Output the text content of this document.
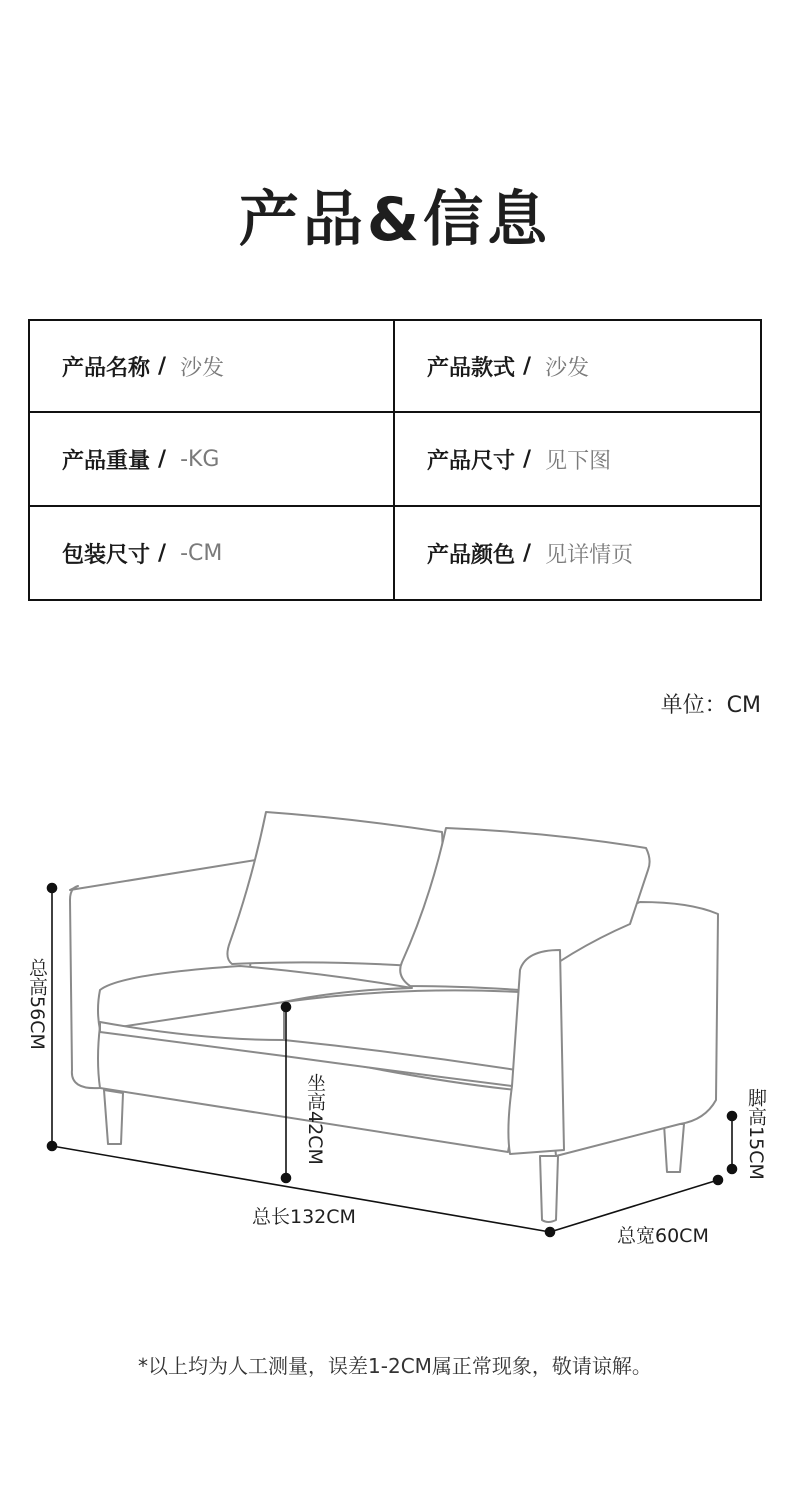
产品&信息
产品名称 / 沙发	产品款式 / 沙发
产品重量 / -KG	产品尺寸 / 见下图
包装尺寸 / -CM	产品颜色 / 见详情页
单位：CM
总高56CM
坐高42CM	脚高15CM
总长132CM
总宽60CM
*以上均为人工测量，误差1-2CM属正常现象，敬请谅解。
